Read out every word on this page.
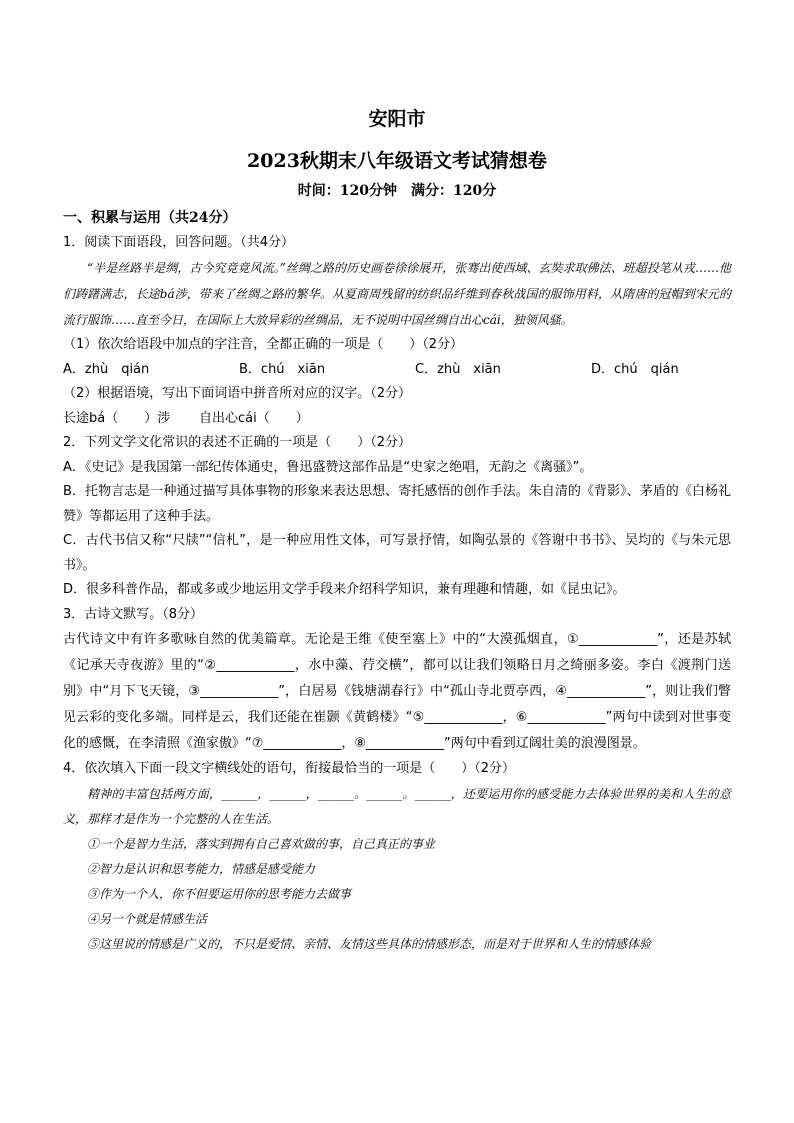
安阳市
2023秋期末八年级语文考试猜想卷
时间：120分钟　满分：120分

一、积累与运用（共24分）

1．阅读下面语段，回答问题。（共4分）

“半是丝路半是绸，古今究竟竟风流。”丝绸之路的历史画卷徐徐展开，张骞出使西域、玄奘求取佛法、班超投笔从戎……他们踌躇满志，长途bá涉，带来了丝绸之路的繁华。从夏商周残留的纺织品纤维到春秋战国的服饰用料，从隋唐的冠帽到宋元的流行服饰……直至今日，在国际上大放异彩的丝绸品，无不说明中国丝绸自出心cái，独领风骚。

（1）依次给语段中加点的字注音，全都正确的一项是（　　）（2分）

A．zhù　qián	B．chú　xiān	C．zhù　xiān	D．chú　qián

（2）根据语境，写出下面词语中拼音所对应的汉字。（2分）

长途bá（　　）涉 自出心cái（　　）

2．下列文学文化常识的表述不正确的一项是（　　）（2分）

A．《史记》是我国第一部纪传体通史，鲁迅盛赞这部作品是“史家之绝唱，无韵之《离骚》”。

B．托物言志是一种通过描写具体事物的形象来表达思想、寄托感悟的创作手法。朱自清的《背影》、茅盾的《白杨礼赞》等都运用了这种手法。

C．古代书信又称“尺牍”“信札”，是一种应用性文体，可写景抒情，如陶弘景的《答谢中书书》、吴均的《与朱元思书》。

D．很多科普作品，都或多或少地运用文学手段来介绍科学知识，兼有理趣和情趣，如《昆虫记》。

3．古诗文默写。（8分）

古代诗文中有许多歌咏自然的优美篇章。无论是王维《使至塞上》中的“大漠孤烟直，①____________”，还是苏轼《记承天寺夜游》里的“②____________，水中藻、荇交横”，都可以让我们领略日月之绮丽多姿。李白《渡荆门送别》中“月下飞天镜，③____________”，白居易《钱塘湖春行》中“孤山寺北贾亭西，④____________”，则让我们瞥见云彩的变化多端。同样是云，我们还能在崔颢《黄鹤楼》“⑤____________，⑥____________”两句中读到对世事变化的感慨，在李清照《渔家傲》“⑦____________，⑧____________”两句中看到辽阔壮美的浪漫图景。

4．依次填入下面一段文字横线处的语句，衔接最恰当的一项是（　　）（2分）

精神的丰富包括两方面，______，______，______。______。______，还要运用你的感受能力去体验世界的美和人生的意义，那样才是作为一个完整的人在生活。

①一个是智力生活，落实到拥有自己喜欢做的事，自己真正的事业

②智力是认识和思考能力，情感是感受能力

③作为一个人，你不但要运用你的思考能力去做事

④另一个就是情感生活

⑤这里说的情感是广义的，不只是爱情、亲情、友情这些具体的情感形态，而是对于世界和人生的情感体验
